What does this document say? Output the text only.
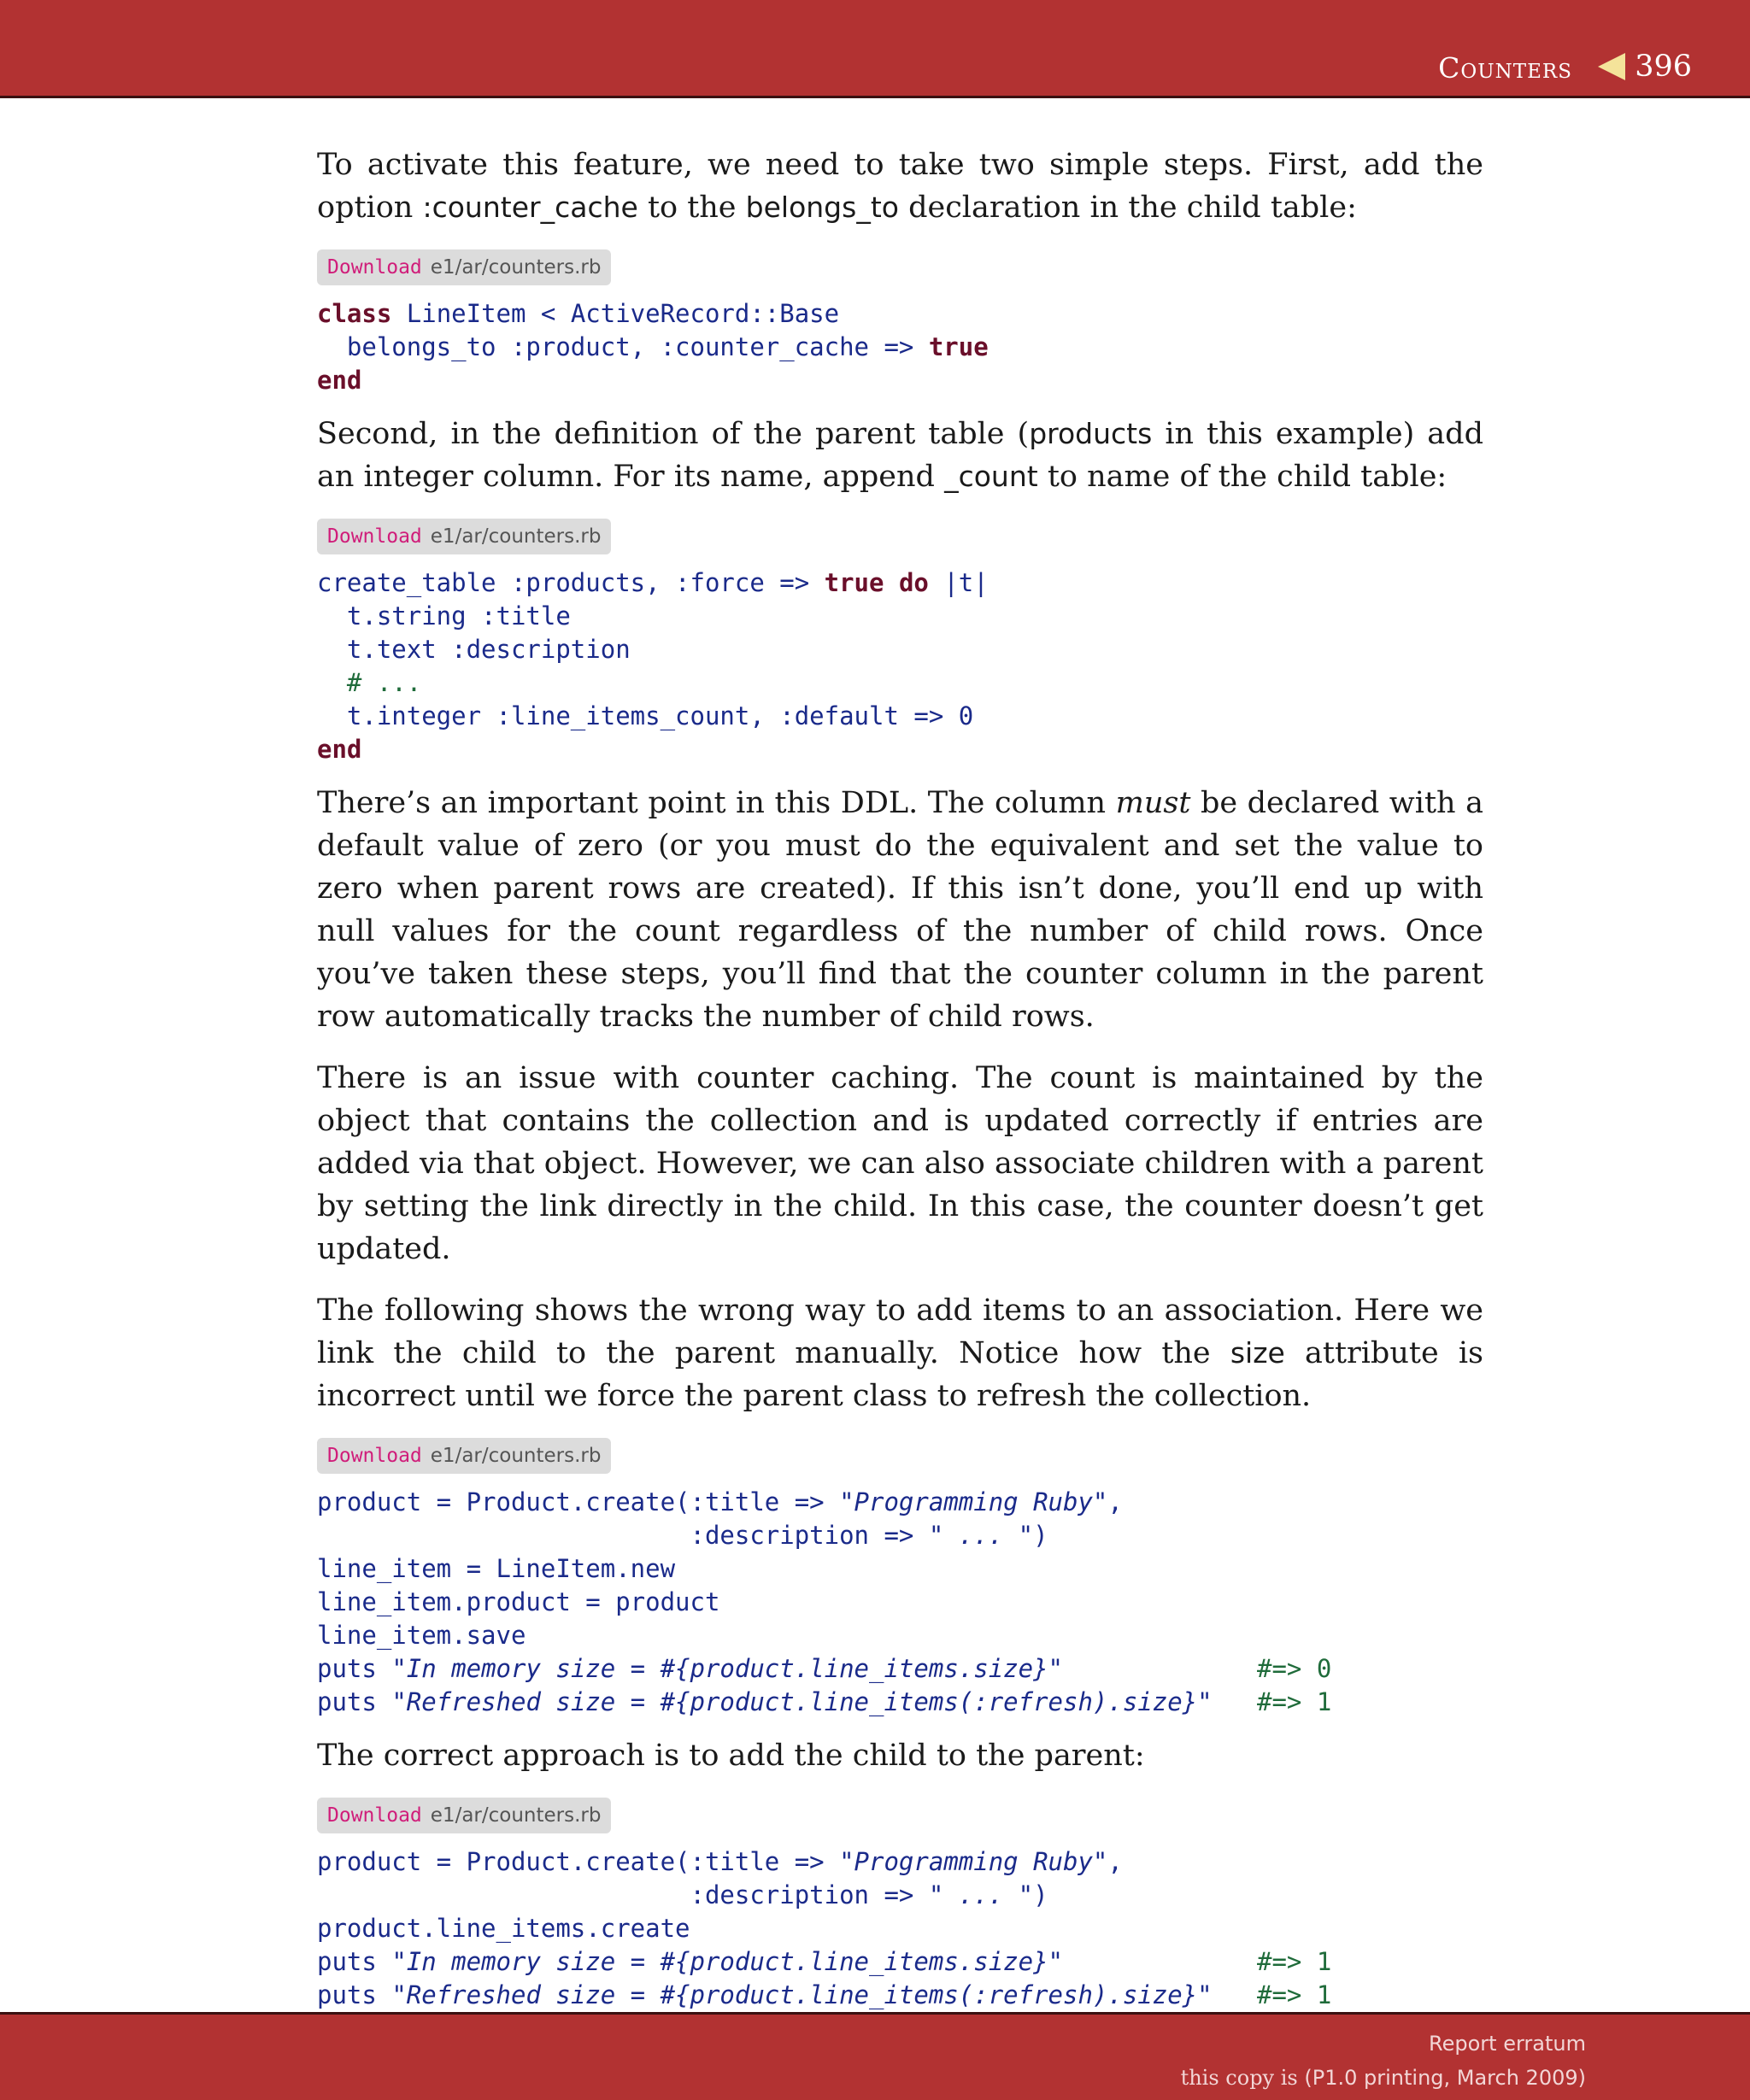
Counters 396

To activate this feature, we need to take two simple steps. First, add the option :counter_cache to the belongs_to declaration in the child table:

Download e1/ar/counters.rb
class LineItem < ActiveRecord::Base
belongs_to :product, :counter_cache => true
end

Second, in the definition of the parent table (products in this example) add an integer column. For its name, append _count to name of the child table:

Download e1/ar/counters.rb
create_table :products, :force => true do |t|
t.string :title
t.text :description
# ...
t.integer :line_items_count, :default => 0
end

There’s an important point in this DDL. The column must be declared with a default value of zero (or you must do the equivalent and set the value to zero when parent rows are created). If this isn’t done, you’ll end up with null values for the count regardless of the number of child rows. Once you’ve taken these steps, you’ll find that the counter column in the parent row automatically tracks the number of child rows.

There is an issue with counter caching. The count is maintained by the object that contains the collection and is updated correctly if entries are added via that object. However, we can also associate children with a parent by setting the link directly in the child. In this case, the counter doesn’t get updated.

The following shows the wrong way to add items to an association. Here we link the child to the parent manually. Notice how the size attribute is incorrect until we force the parent class to refresh the collection.

Download e1/ar/counters.rb
product = Product.create(:title => "Programming Ruby",
:description => " ... ")
line_item = LineItem.new
line_item.product = product
line_item.save
puts "In memory size = #{product.line_items.size}"	#=> 0
puts "Refreshed size = #{product.line_items(:refresh).size}" #=> 1

The correct approach is to add the child to the parent:

Download e1/ar/counters.rb
product = Product.create(:title => "Programming Ruby",
:description => " ... ")
product.line_items.create
puts "In memory size = #{product.line_items.size}"	#=> 1
puts "Refreshed size = #{product.line_items(:refresh).size}" #=> 1
Report erratum
this copy is (P1.0 printing, March 2009)
